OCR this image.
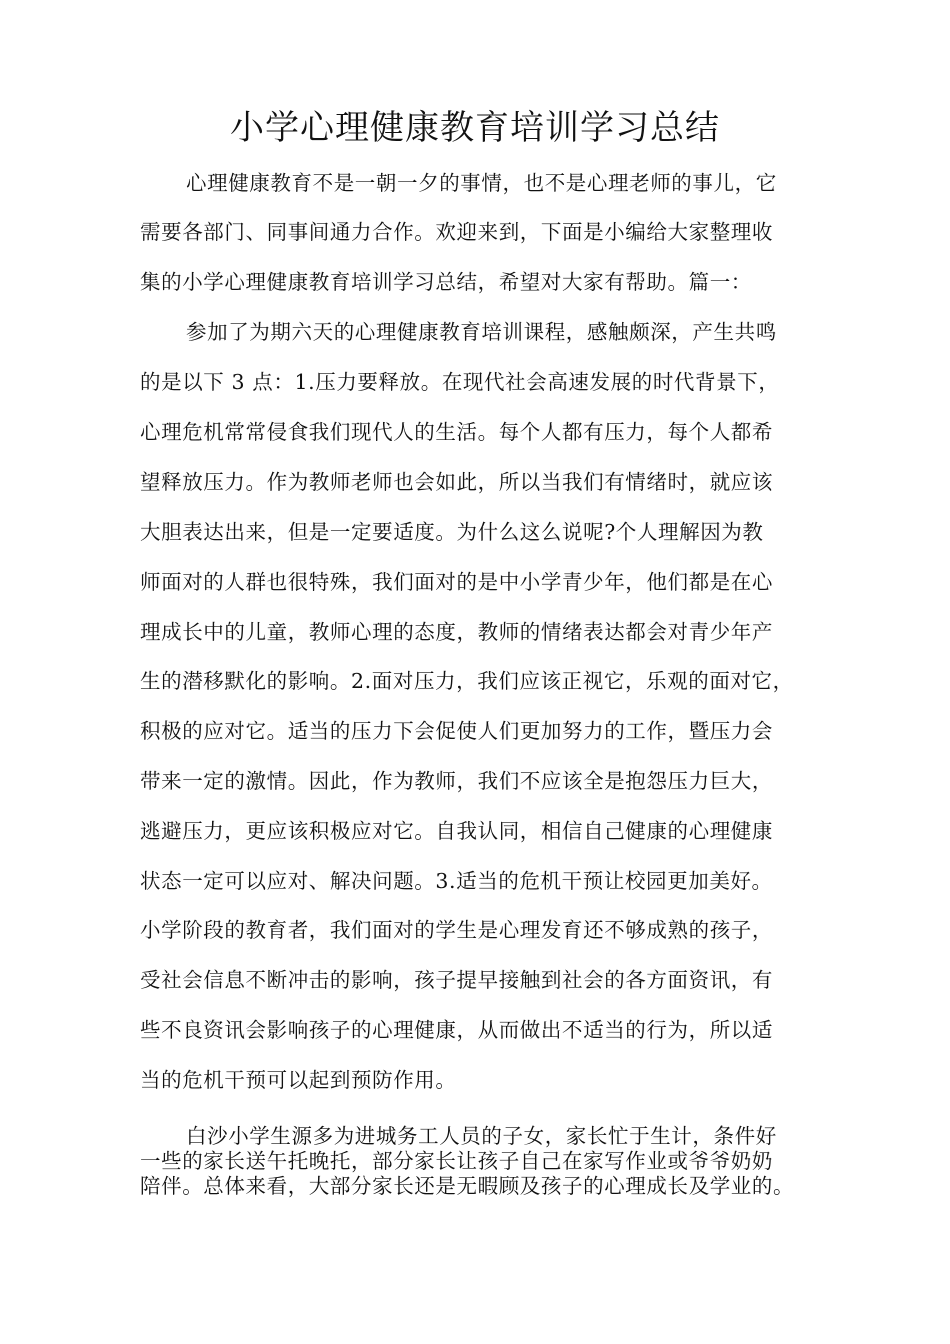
小学心理健康教育培训学习总结
心理健康教育不是一朝一夕的事情，也不是心理老师的事儿，它
需要各部门、同事间通力合作。欢迎来到，下面是小编给大家整理收
集的小学心理健康教育培训学习总结，希望对大家有帮助。篇一：
参加了为期六天的心理健康教育培训课程，感触颇深，产生共鸣
的是以下 3 点：1.压力要释放。在现代社会高速发展的时代背景下，
心理危机常常侵食我们现代人的生活。每个人都有压力，每个人都希
望释放压力。作为教师老师也会如此，所以当我们有情绪时，就应该
大胆表达出来，但是一定要适度。为什么这么说呢?个人理解因为教
师面对的人群也很特殊，我们面对的是中小学青少年，他们都是在心
理成长中的儿童，教师心理的态度，教师的情绪表达都会对青少年产
生的潜移默化的影响。2.面对压力，我们应该正视它，乐观的面对它，
积极的应对它。适当的压力下会促使人们更加努力的工作，暨压力会
带来一定的激情。因此，作为教师，我们不应该全是抱怨压力巨大，
逃避压力，更应该积极应对它。自我认同，相信自己健康的心理健康
状态一定可以应对、解决问题。3.适当的危机干预让校园更加美好。
小学阶段的教育者，我们面对的学生是心理发育还不够成熟的孩子，
受社会信息不断冲击的影响，孩子提早接触到社会的各方面资讯，有
些不良资讯会影响孩子的心理健康，从而做出不适当的行为，所以适
当的危机干预可以起到预防作用。
白沙小学生源多为进城务工人员的子女，家长忙于生计，条件好
一些的家长送午托晚托，部分家长让孩子自己在家写作业或爷爷奶奶
陪伴。总体来看，大部分家长还是无暇顾及孩子的心理成长及学业的。
